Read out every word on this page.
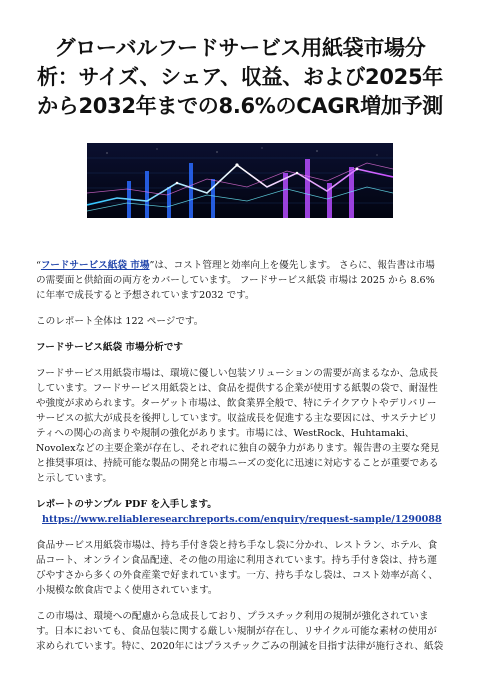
グローバルフードサービス用紙袋市場分析：サイズ、シェア、収益、および2025年から2032年までの8.6%のCAGR増加予測

“フードサービス紙袋 市場”は、コスト管理と効率向上を優先します。 さらに、報告書は市場の需要面と供給面の両方をカバーしています。 フードサービス紙袋 市場は 2025 から 8.6% に年率で成長すると予想されています2032 です。

このレポート全体は 122 ページです。

フードサービス紙袋 市場分析です

フードサービス用紙袋市場は、環境に優しい包装ソリューションの需要が高まるなか、急成長しています。フードサービス用紙袋とは、食品を提供する企業が使用する紙製の袋で、耐湿性や強度が求められます。ターゲット市場は、飲食業界全般で、特にテイクアウトやデリバリーサービスの拡大が成長を後押ししています。収益成長を促進する主な要因には、サステナビリティへの関心の高まりや規制の強化があります。市場には、WestRock、Huhtamaki、Novolexなどの主要企業が存在し、それぞれに独自の競争力があります。報告書の主要な発見と推奨事項は、持続可能な製品の開発と市場ニーズの変化に迅速に対応することが重要であると示しています。

レポートのサンプル PDF を入手します。https://www.reliableresearchreports.com/enquiry/request-sample/1290088

食品サービス用紙袋市場は、持ち手付き袋と持ち手なし袋に分かれ、レストラン、ホテル、食品コート、オンライン食品配達、その他の用途に利用されています。持ち手付き袋は、持ち運びやすさから多くの外食産業で好まれています。一方、持ち手なし袋は、コスト効率が高く、小規模な飲食店でよく使用されています。

この市場は、環境への配慮から急成長しており、プラスチック利用の規制が強化されています。日本においても、食品包装に関する厳しい規制が存在し、リサイクル可能な素材の使用が求められています。特に、2020年にはプラスチックごみの削減を目指す法律が施行され、紙袋
